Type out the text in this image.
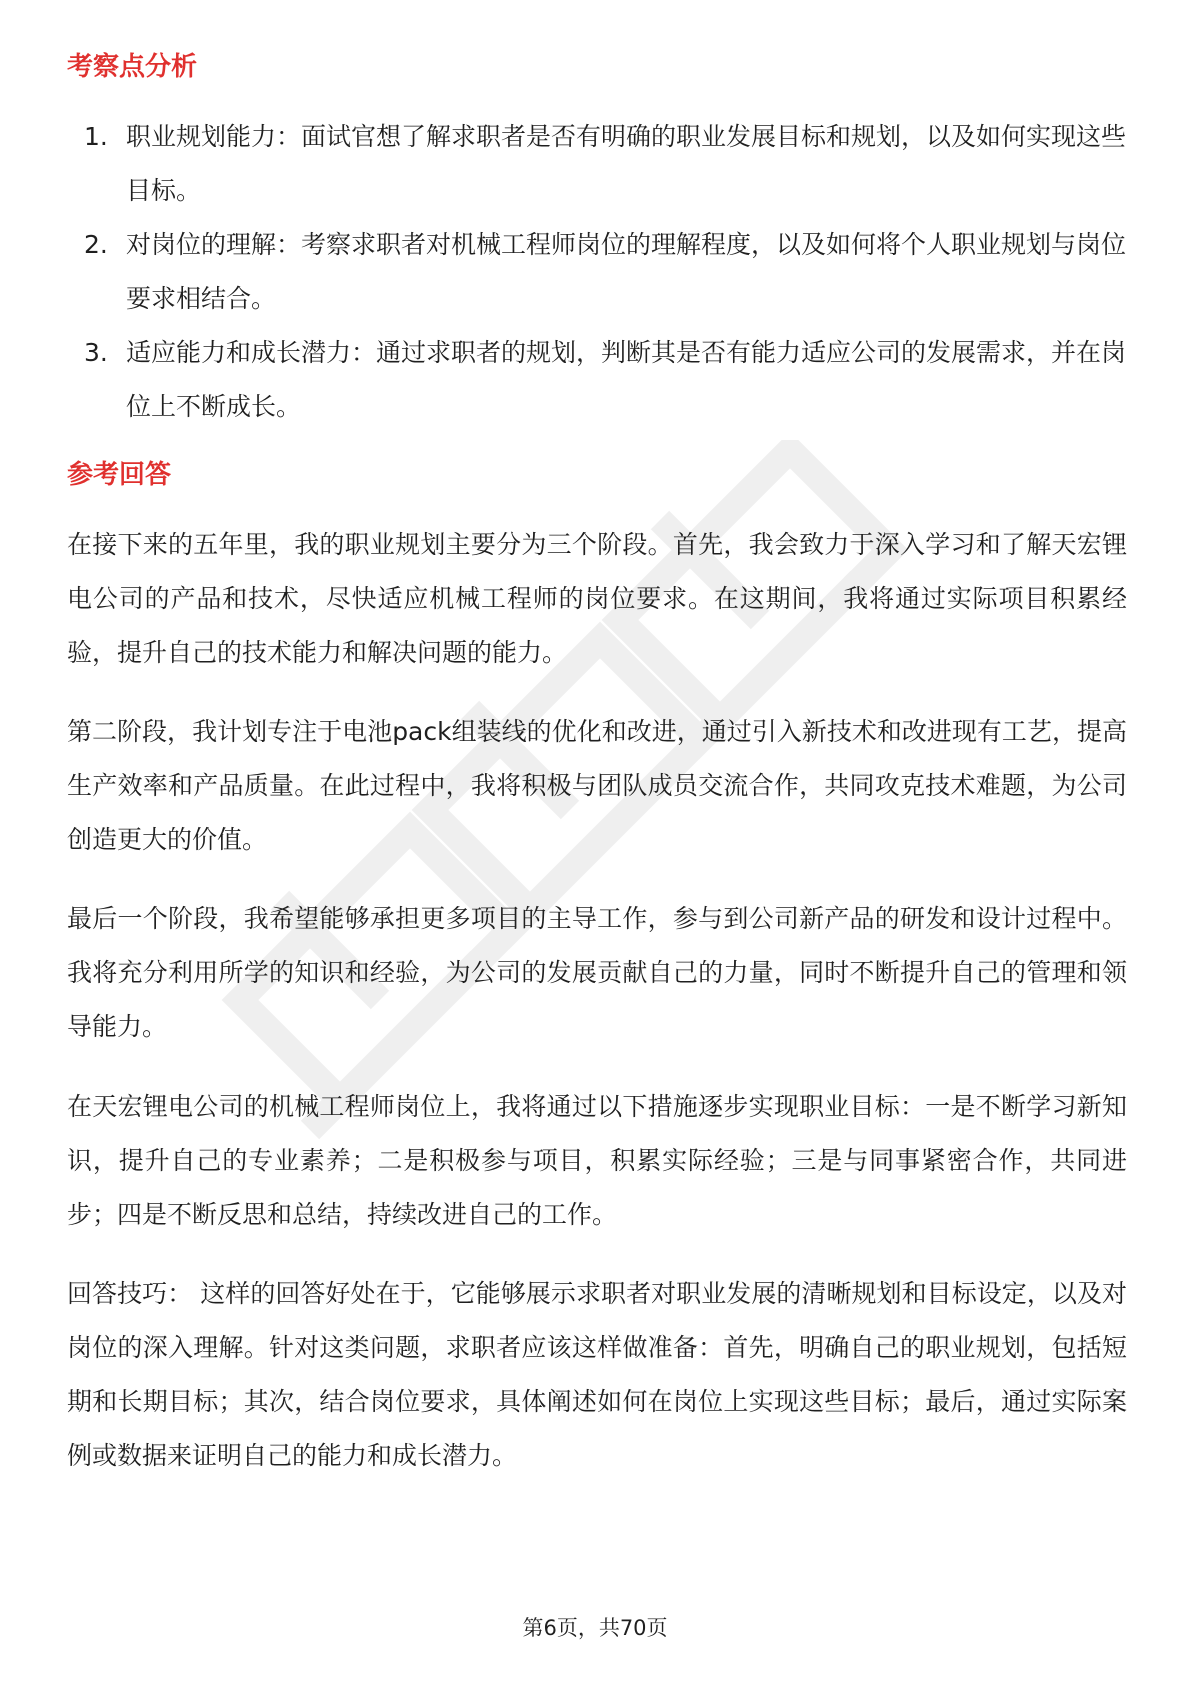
考察点分析
1. 职业规划能力：面试官想了解求职者是否有明确的职业发展目标和规划，以及如何实现这些目标。
2. 对岗位的理解：考察求职者对机械工程师岗位的理解程度，以及如何将个人职业规划与岗位要求相结合。
3. 适应能力和成长潜力：通过求职者的规划，判断其是否有能力适应公司的发展需求，并在岗位上不断成长。
参考回答

在接下来的五年里，我的职业规划主要分为三个阶段。首先，我会致力于深入学习和了解天宏锂电公司的产品和技术，尽快适应机械工程师的岗位要求。在这期间，我将通过实际项目积累经验，提升自己的技术能力和解决问题的能力。

第二阶段，我计划专注于电池pack组装线的优化和改进，通过引入新技术和改进现有工艺，提高生产效率和产品质量。在此过程中，我将积极与团队成员交流合作，共同攻克技术难题，为公司创造更大的价值。

最后一个阶段，我希望能够承担更多项目的主导工作，参与到公司新产品的研发和设计过程中。我将充分利用所学的知识和经验，为公司的发展贡献自己的力量，同时不断提升自己的管理和领导能力。

在天宏锂电公司的机械工程师岗位上，我将通过以下措施逐步实现职业目标：一是不断学习新知识，提升自己的专业素养；二是积极参与项目，积累实际经验；三是与同事紧密合作，共同进步；四是不断反思和总结，持续改进自己的工作。

回答技巧： 这样的回答好处在于，它能够展示求职者对职业发展的清晰规划和目标设定，以及对岗位的深入理解。针对这类问题，求职者应该这样做准备：首先，明确自己的职业规划，包括短期和长期目标；其次，结合岗位要求，具体阐述如何在岗位上实现这些目标；最后，通过实际案例或数据来证明自己的能力和成长潜力。

第6页，共70页
